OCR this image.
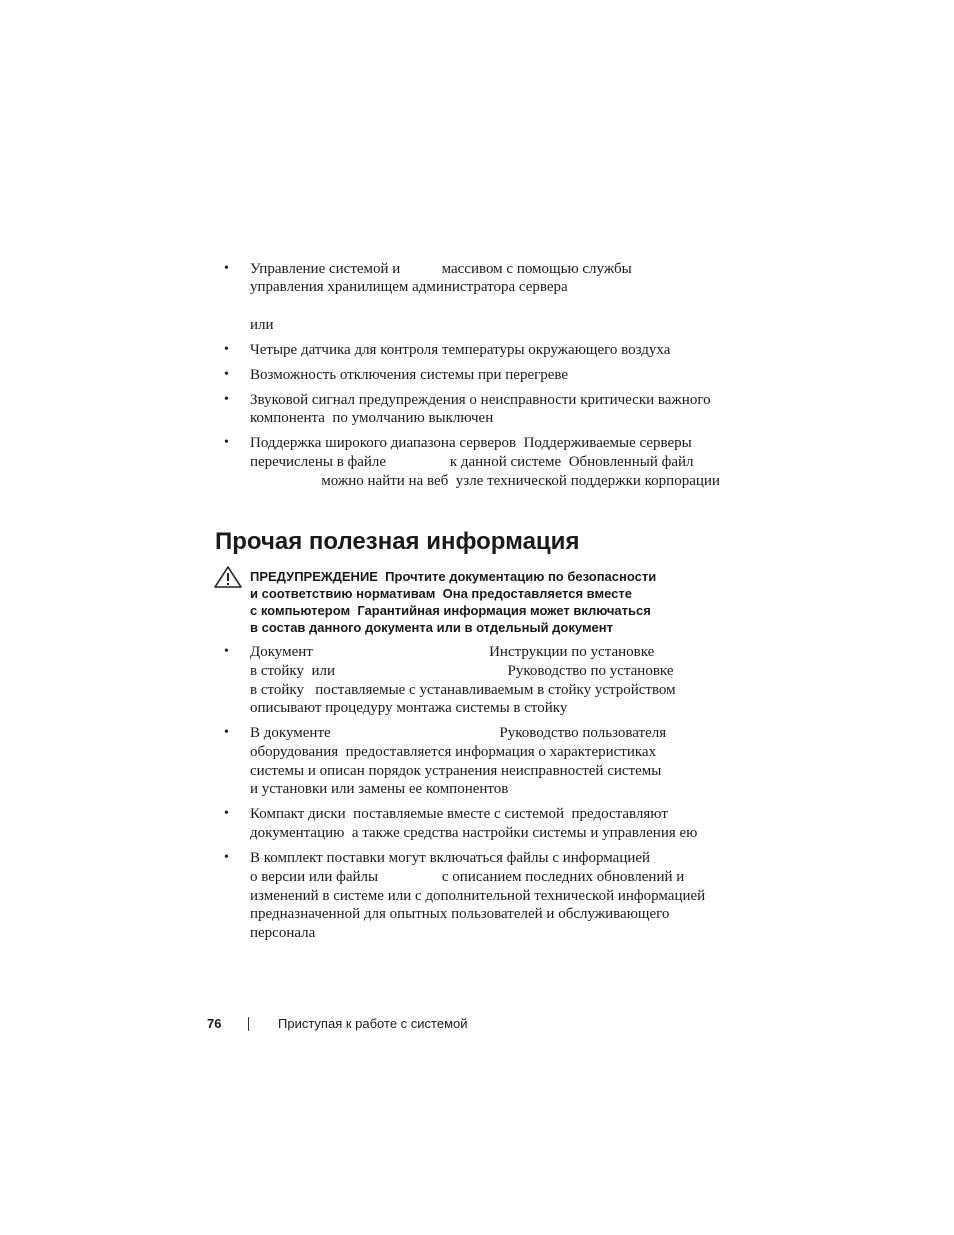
• Управление системой и           массивом с помощью службы
управления хранилищем администратора сервера
или
• Четыре датчика для контроля температуры окружающего воздуха
• Возможность отключения системы при перегреве
• Звуковой сигнал предупреждения о неисправности критически важного
компонента  по умолчанию выключен
• Поддержка широкого диапазона серверов  Поддерживаемые серверы
перечислены в файле                 к данной системе  Обновленный файл
можно найти на веб  узле технической поддержки корпорации
Прочая полезная информация
ПРЕДУПРЕЖДЕНИЕ  Прочтите документацию по безопасности
и соответствию нормативам  Она предоставляется вместе
с компьютером  Гарантийная информация может включаться
в состав данного документа или в отдельный документ
• Документ                                               Инструкции по установке
в стойку  или                                              Руководство по установке
в стойку   поставляемые с устанавливаемым в стойку устройством
описывают процедуру монтажа системы в стойку
• В документе                                             Руководство пользователя
оборудования  предоставляется информация о характеристиках
системы и описан порядок устранения неисправностей системы
и установки или замены ее компонентов
• Компакт диски  поставляемые вместе с системой  предоставляют
документацию  а также средства настройки системы и управления ею
• В комплект поставки могут включаться файлы с информацией
о версии или файлы                 с описанием последних обновлений и
изменений в системе или с дополнительной технической информацией
предназначенной для опытных пользователей и обслуживающего
персонала
76	Приступая к работе с системой
